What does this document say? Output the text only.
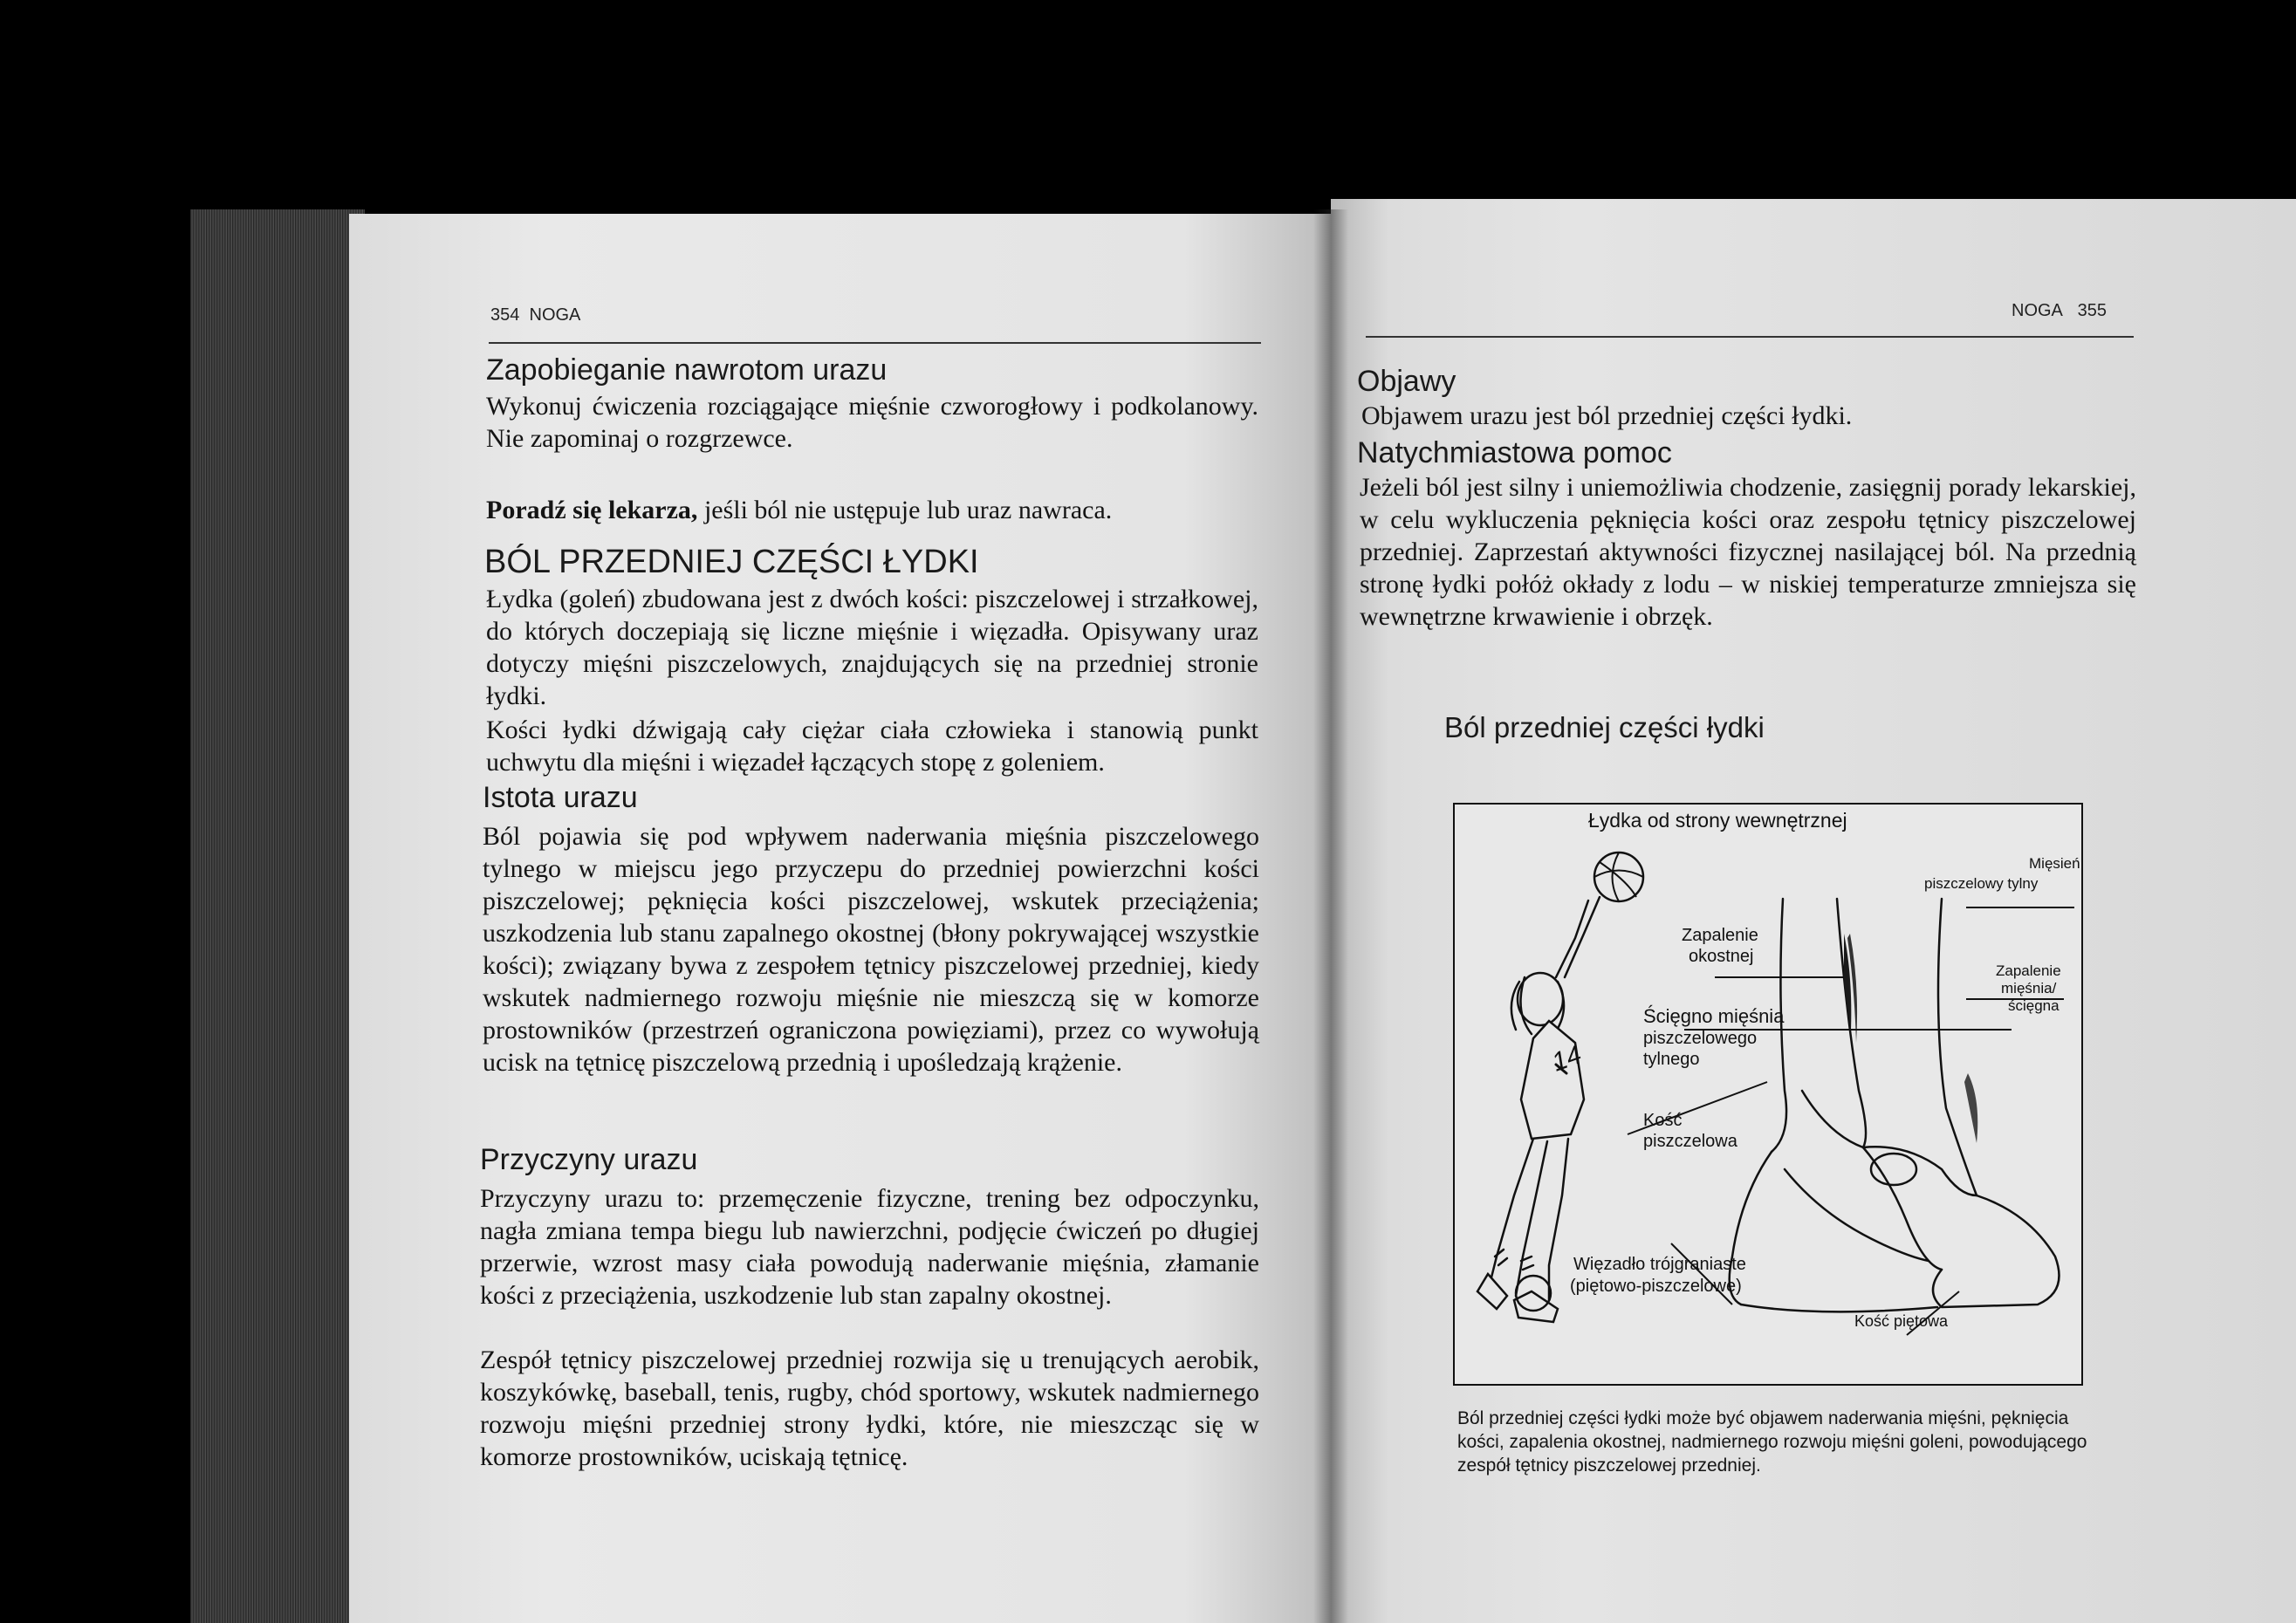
354 NOGA
Zapobieganie nawrotom urazu

Wykonuj ćwiczenia rozciągające mięśnie czworogłowy i podkolanowy. Nie zapominaj o rozgrzewce.

Poradź się lekarza, jeśli ból nie ustępuje lub uraz nawraca.

BÓL PRZEDNIEJ CZĘŚCI ŁYDKI

Łydka (goleń) zbudowana jest z dwóch kości: piszczelowej i strzałkowej, do których doczepiają się liczne mięśnie i więzadła. Opisywany uraz dotyczy mięśni piszczelowych, znajdujących się na przedniej stronie łydki.

Kości łydki dźwigają cały ciężar ciała człowieka i stanowią punkt uchwytu dla mięśni i więzadeł łączących stopę z goleniem.

Istota urazu

Ból pojawia się pod wpływem naderwania mięśnia piszczelowego tylnego w miejscu jego przyczepu do przedniej powierzchni kości piszczelowej; pęknięcia kości piszczelowej, wskutek przeciążenia; uszkodzenia lub stanu zapalnego okostnej (błony pokrywającej wszystkie kości); związany bywa z zespołem tętnicy piszczelowej przedniej, kiedy wskutek nadmiernego rozwoju mięśnie nie mieszczą się w komorze prostowników (przestrzeń ograniczona powięziami), przez co wywołują ucisk na tętnicę piszczelową przednią i upośledzają krążenie.

Przyczyny urazu

Przyczyny urazu to: przemęczenie fizyczne, trening bez odpoczynku, nagła zmiana tempa biegu lub nawierzchni, podjęcie ćwiczeń po długiej przerwie, wzrost masy ciała powodują naderwanie mięśnia, złamanie kości z przeciążenia, uszkodzenie lub stan zapalny okostnej.

Zespół tętnicy piszczelowej przedniej rozwija się u trenujących aerobik, koszykówkę, baseball, tenis, rugby, chód sportowy, wskutek nadmiernego rozwoju mięśni przedniej strony łydki, które, nie mieszcząc się w komorze prostowników, uciskają tętnicę.

NOGA 355
Objawy

Objawem urazu jest ból przedniej części łydki.

Natychmiastowa pomoc

Jeżeli ból jest silny i uniemożliwia chodzenie, zasięgnij porady lekarskiej, w celu wykluczenia pęknięcia kości oraz zespołu tętnicy piszczelowej przedniej. Zaprzestań aktywności fizycznej nasilającej ból. Na przednią stronę łydki połóż okłady z lodu – w niskiej temperaturze zmniejsza się wewnętrzne krwawienie i obrzęk.

Ból przedniej części łydki
Łydka od strony wewnętrznej
14
Zapalenie
okostnej
Mięsień
piszczelowy tylny
Zapalenie
mięśnia/
ścięgna
Ścięgno mięśnia
piszczelowego
tylnego
Kość
piszczelowa
Więzadło trójgraniaste
(piętowo-piszczelowe)
Kość piętowa

Ból przedniej części łydki może być objawem naderwania mięśni, pęknięcia kości, zapalenia okostnej, nadmiernego rozwoju mięśni goleni, powodującego zespół tętnicy piszczelowej przedniej.
